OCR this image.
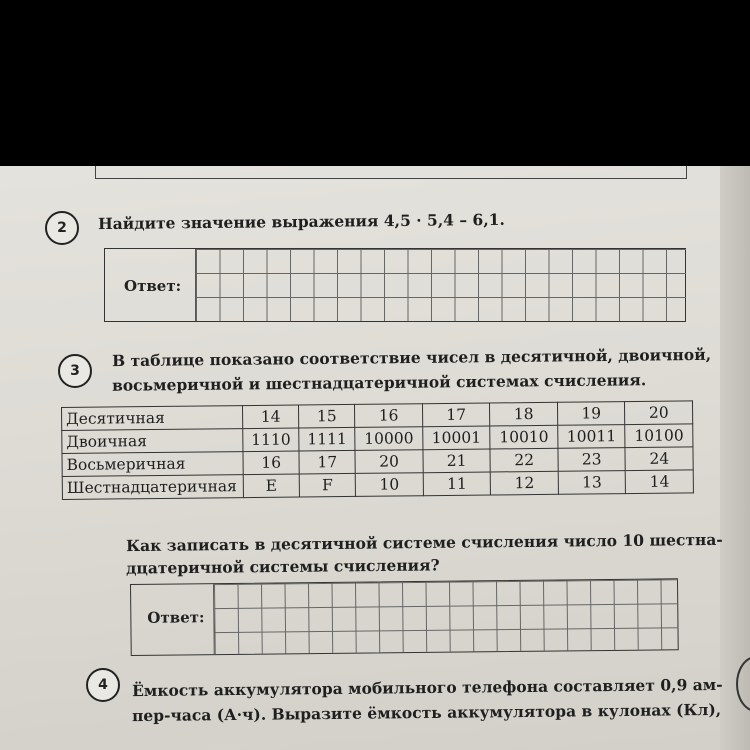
2	Найдите значение выражения 4,5 · 5,4 – 6,1.
Ответ:
3
В таблице показано соответствие чисел в десятичной, двоичной,
восьмеричной и шестнадцатеричной системах счисления.
Десятичная	14	15	16	17	18	19	20
Двоичная	1110	1111	10000	10001	10010	10011	10100
Восьмеричная	16	17	20	21	22	23	24
Шестнадцатеричная	E	F	10	11	12	13	14
Как записать в десятичной системе счисления число 10 шестна-
дцатеричной системы счисления?
Ответ:
4	Ёмкость аккумулятора мобильного телефона составляет 0,9 ам-
пер-часа (А·ч). Выразите ёмкость аккумулятора в кулонах (Кл),
